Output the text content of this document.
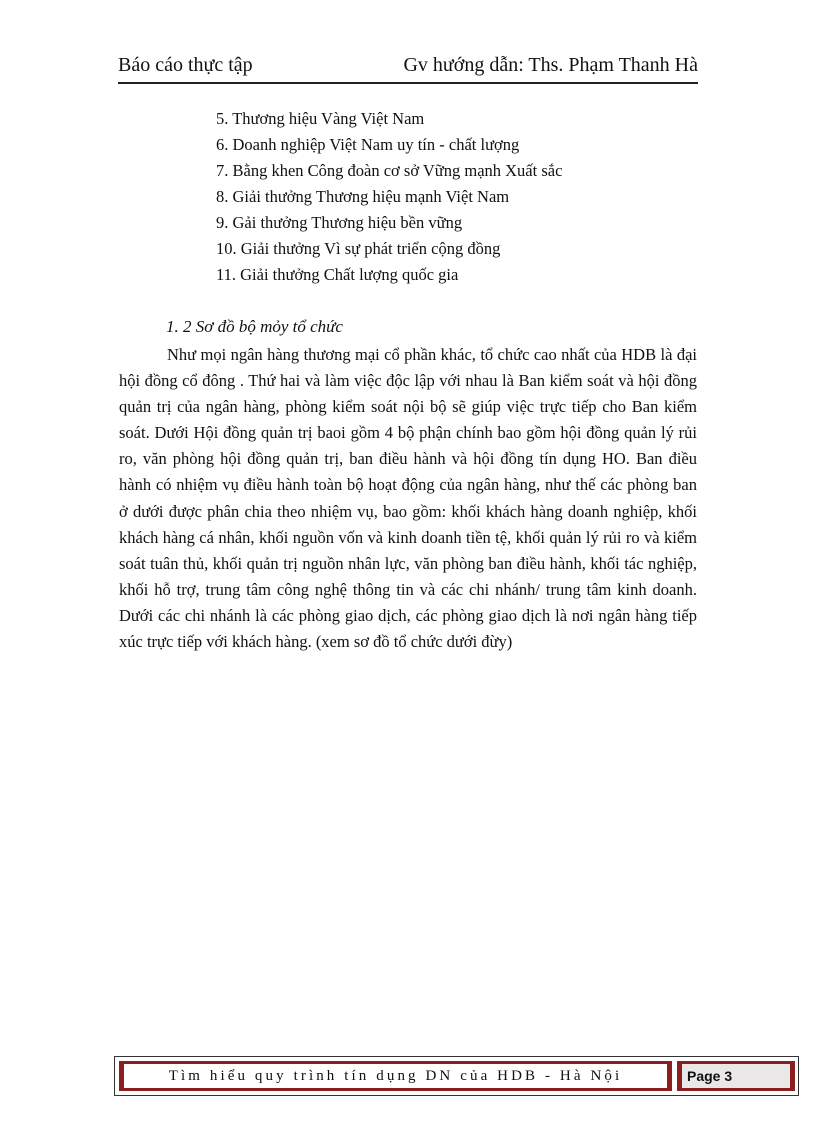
Báo cáo thực tập	Gv hướng dẫn: Ths. Phạm Thanh Hà
5. Thương hiệu Vàng Việt Nam
6. Doanh nghiệp Việt Nam uy tín - chất lượng
7. Bằng khen Công đoàn cơ sở Vững mạnh Xuất sắc
8. Giải thưởng Thương hiệu mạnh Việt Nam
9. Gải thưởng Thương hiệu bền vững
10. Giải thưởng Vì sự phát triển cộng đồng
11. Giải thưởng Chất lượng quốc gia
1. 2 Sơ đồ bộ mỏy tổ chức

Như mọi ngân hàng thương mại cổ phần khác, tổ chức cao nhất của HDB là đại hội đồng cổ đông . Thứ hai và làm việc độc lập với nhau là Ban kiểm soát và hội đồng quản trị của ngân hàng, phòng kiểm soát nội bộ sẽ giúp việc trực tiếp cho Ban kiểm soát. Dưới Hội đồng quản trị baoi gồm 4 bộ phận chính bao gồm hội đồng quản lý rủi ro, văn phòng hội đồng quản trị, ban điều hành và hội đồng tín dụng HO. Ban điều hành có nhiệm vụ điều hành toàn bộ hoạt động của ngân hàng, như thế các phòng ban ở dưới được phân chia theo nhiệm vụ, bao gồm: khối khách hàng doanh nghiệp, khối khách hàng cá nhân, khối nguồn vốn và kinh doanh tiền tệ, khối quản lý rủi ro và kiểm soát tuân thủ, khối quản trị nguồn nhân lực, văn phòng ban điều hành, khối tác nghiệp, khối hỗ trợ, trung tâm công nghệ thông tin và các chi nhánh/ trung tâm kinh doanh. Dưới các chi nhánh là các phòng giao dịch, các phòng giao dịch là nơi ngân hàng tiếp xúc trực tiếp với khách hàng. (xem sơ đồ tổ chức dưới đừy)

Tìm hiểu quy trình tín dụng DN của HDB - Hà Nội	Page 3
